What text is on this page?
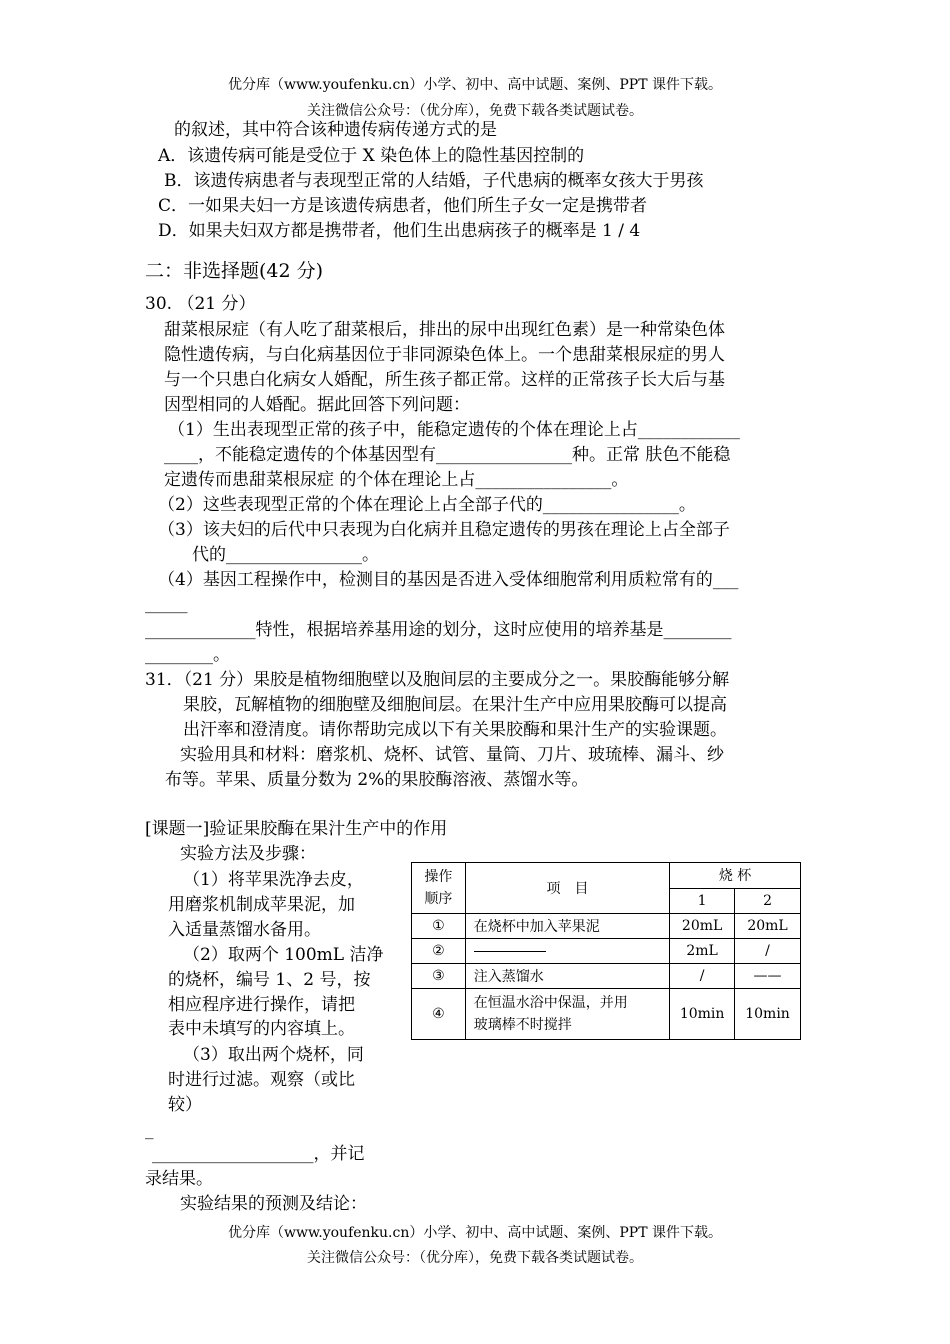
优分库（www.youfenku.cn）小学、初中、高中试题、案例、PPT 课件下载。
关注微信公众号：（优分库），免费下载各类试题试卷。
的叙述，其中符合该种遗传病传递方式的是
A．该遗传病可能是受位于 X 染色体上的隐性基因控制的
B．该遗传病患者与表现型正常的人结婚，子代患病的概率女孩大于男孩
C．一如果夫妇一方是该遗传病患者，他们所生子女一定是携带者
D．如果夫妇双方都是携带者，他们生出患病孩子的概率是 1 / 4
二：非选择题(42 分)
30. （21 分）
甜菜根尿症（有人吃了甜菜根后，排出的尿中出现红色素）是一种常染色体
隐性遗传病，与白化病基因位于非同源染色体上。一个患甜菜根尿症的男人
与一个只患白化病女人婚配，所生孩子都正常。这样的正常孩子长大后与基
因型相同的人婚配。据此回答下列问题：
（1）生出表现型正常的孩子中，能稳定遗传的个体在理论上占____________
____，不能稳定遗传的个体基因型有________________种。正常 肤色不能稳
定遗传而患甜菜根尿症 的个体在理论上占________________。
（2）这些表现型正常的个体在理论上占全部子代的________________。
（3）该夫妇的后代中只表现为白化病并且稳定遗传的男孩在理论上占全部子
代的________________。
（4）基因工程操作中，检测目的基因是否进入受体细胞常利用质粒常有的___
_____
_____________特性，根据培养基用途的划分，这时应使用的培养基是________
________。
31．（21 分）果胶是植物细胞壁以及胞间层的主要成分之一。果胶酶能够分解
果胶，瓦解植物的细胞壁及细胞间层。在果汁生产中应用果胶酶可以提高
出汗率和澄清度。请你帮助完成以下有关果胶酶和果汁生产的实验课题。
实验用具和材料：磨浆机、烧杯、试管、量筒、刀片、玻琉棒、漏斗、纱
布等。苹果、质量分数为 2%的果胶酶溶液、蒸馏水等。
[课题一]验证果胶酶在果汁生产中的作用
实验方法及步骤：
（1）将苹果洗净去皮，
用磨浆机制成苹果泥，加
入适量蒸馏水备用。
（2）取两个 100mL 洁净
的烧杯，编号 1、2 号，按
相应程序进行操作，请把
表中未填写的内容填上。
（3）取出两个烧杯，同
时进行过滤。观察（或比
较）
_
___________________，并记
录结果。
实验结果的预测及结论：
操作
顺序	项　目	烧 杯	
		1	2
①	在烧杯中加入苹果泥	20mL	20mL
②		2mL	/
③	注入蒸馏水	/	——
④	在恒温水浴中保温，并用
玻璃棒不时搅拌	10min	10min
优分库（www.youfenku.cn）小学、初中、高中试题、案例、PPT 课件下载。
关注微信公众号：（优分库），免费下载各类试题试卷。
